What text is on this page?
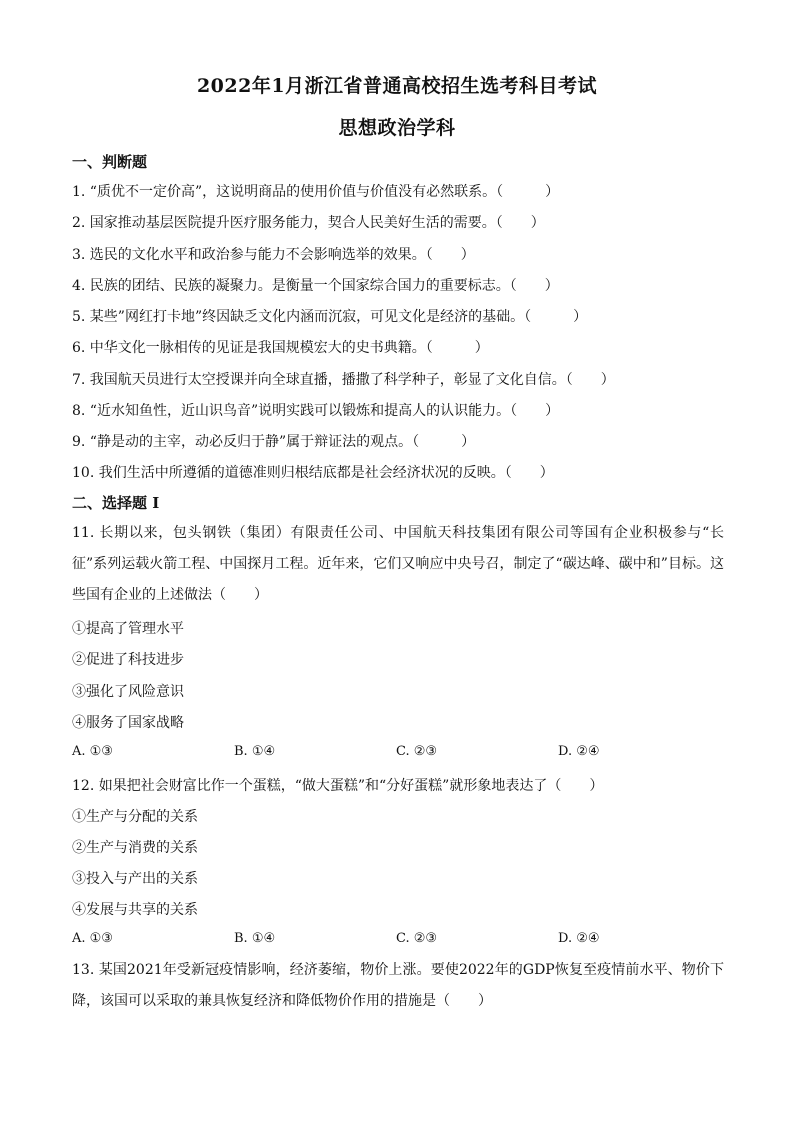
2022年1月浙江省普通高校招生选考科目考试
思想政治学科
一、判断题
1. “质优不一定价高”，这说明商品的使用价值与价值没有必然联系。（　　　）
2. 国家推动基层医院提升医疗服务能力，契合人民美好生活的需要。（　　）
3. 选民的文化水平和政治参与能力不会影响选举的效果。（　　）
4. 民族的团结、民族的凝聚力。是衡量一个国家综合国力的重要标志。（　　）
5. 某些”网红打卡地”终因缺乏文化内涵而沉寂，可见文化是经济的基础。（　　　）
6. 中华文化一脉相传的见证是我国规模宏大的史书典籍。（　　　）
7. 我国航天员进行太空授课并向全球直播，播撒了科学种子，彰显了文化自信。（　　）
8. “近水知鱼性，近山识鸟音”说明实践可以锻炼和提高人的认识能力。（　　）
9. “静是动的主宰，动必反归于静”属于辩证法的观点。（　　　）
10. 我们生活中所遵循的道德准则归根结底都是社会经济状况的反映。（　　）
二、选择题 I
11. 长期以来，包头钢铁（集团）有限责任公司、中国航天科技集团有限公司等国有企业积极参与“长征”系列运载火箭工程、中国探月工程。近年来，它们又响应中央号召，制定了“碳达峰、碳中和”目标。这些国有企业的上述做法（　　）
①提高了管理水平
②促进了科技进步
③强化了风险意识
④服务了国家战略
A. ①③	B. ①④	C. ②③	D. ②④
12. 如果把社会财富比作一个蛋糕，“做大蛋糕”和“分好蛋糕”就形象地表达了（　　）
①生产与分配的关系
②生产与消费的关系
③投入与产出的关系
④发展与共享的关系
A. ①③	B. ①④	C. ②③	D. ②④
13. 某国2021年受新冠疫情影响，经济萎缩，物价上涨。要使2022年的GDP恢复至疫情前水平、物价下降，该国可以采取的兼具恢复经济和降低物价作用的措施是（　　）
